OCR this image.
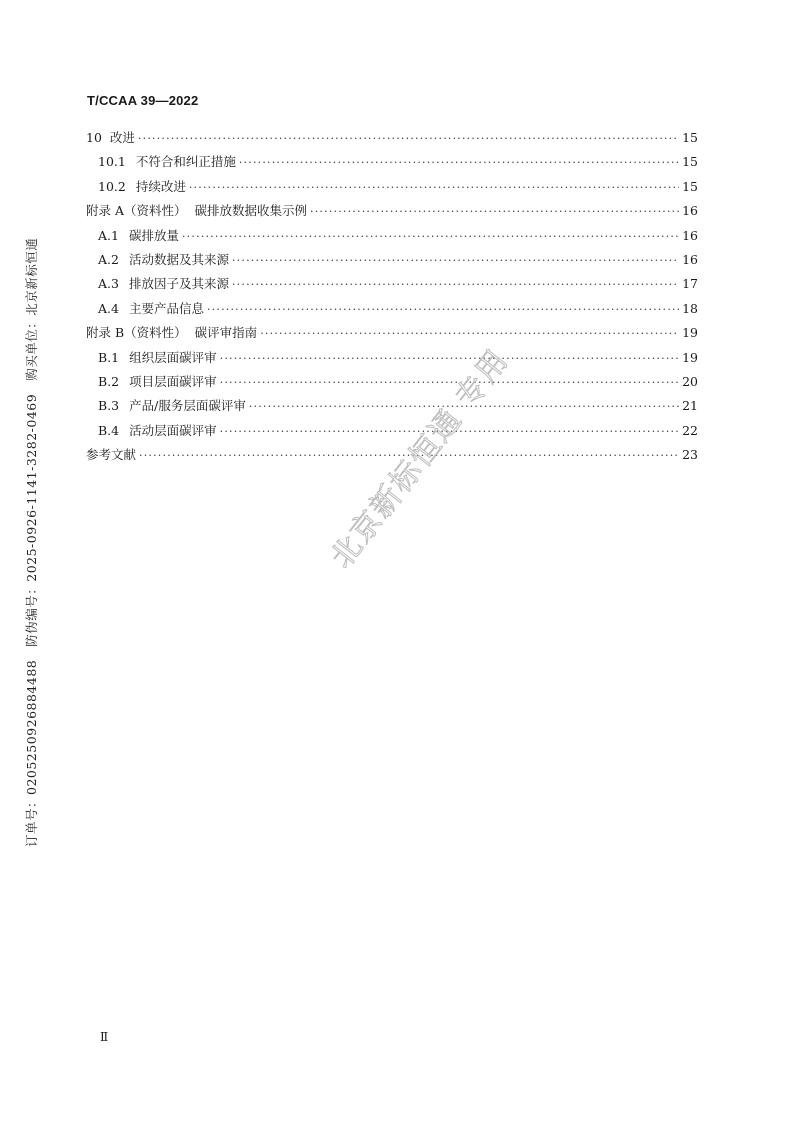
T/CCAA 39—2022
10 改进 ·····	15
10.1 不符合和纠正措施 ·····	15
10.2 持续改进 ·····	15
附录 A（资料性） 碳排放数据收集示例 ·····	16
A.1 碳排放量 ·····	16
A.2 活动数据及其来源 ·····	16
A.3 排放因子及其来源 ·····	17
A.4 主要产品信息 ·····	18
附录 B（资料性） 碳评审指南 ·····	19
B.1 组织层面碳评审 ·····	19
B.2 项目层面碳评审 ·····	20
B.3 产品/服务层面碳评审 ·····	21
B.4 活动层面碳评审 ·····	22
参考文献 ·····	23
订单号：0205250926884488　防伪编号：2025-0926-1141-3282-0469　购买单位：北京新标恒通	北京新标恒通 专用
Ⅱ
